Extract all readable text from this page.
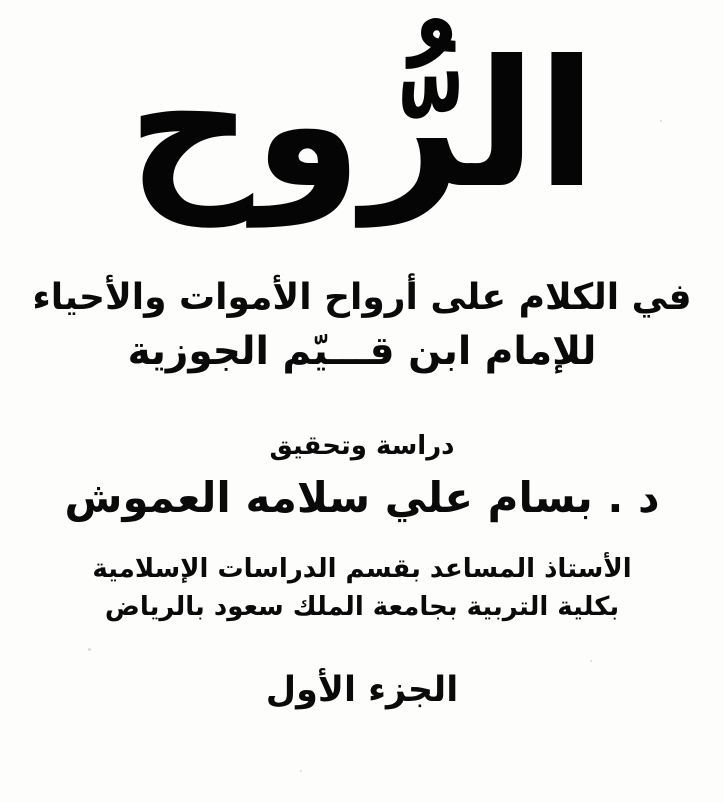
الرُّوح
في الكلام على أرواح الأموات والأحياء
للإمام ابن قـــيّم الجوزية
دراسة وتحقيق
د . بسام علي سلامه العموش
الأستاذ المساعد بقسم الدراسات الإسلامية
بكلية التربية بجامعة الملك سعود بالرياض
الجزء الأول
